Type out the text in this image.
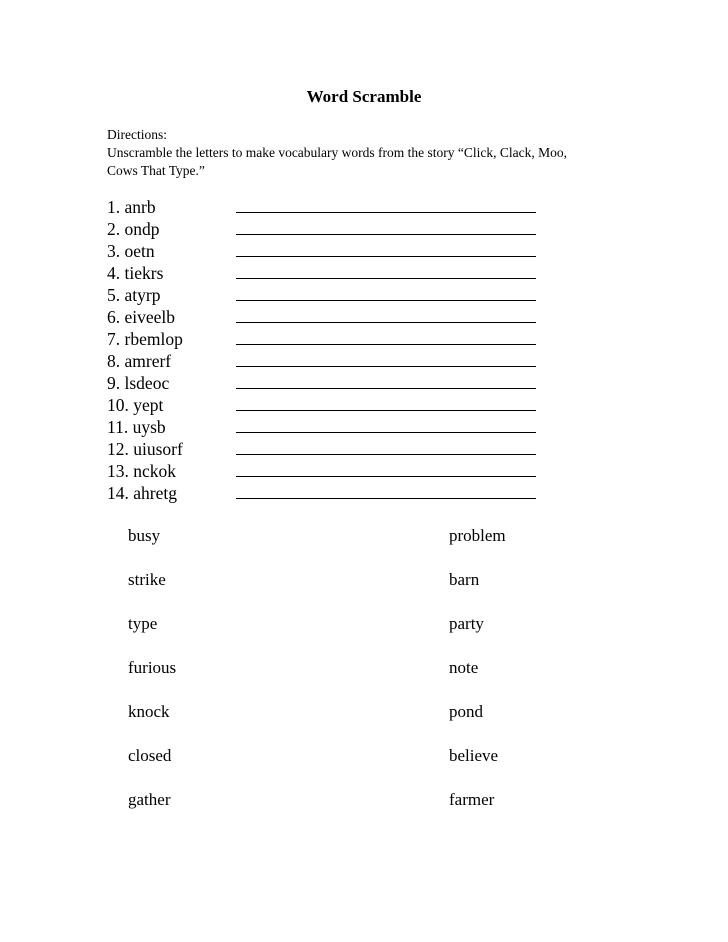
Word Scramble
Directions:
Unscramble the letters to make vocabulary words from the story “Click, Clack, Moo,
Cows That Type.”
1. anrb
2. ondp
3. oetn
4. tiekrs
5. atyrp
6. eiveelb
7. rbemlop
8. amrerf
9. lsdeoc
10. yept
11. uysb
12. uiusorf
13. nckok
14. ahretg
busy	problem
strike	barn
type	party
furious	note
knock	pond
closed	believe
gather	farmer
